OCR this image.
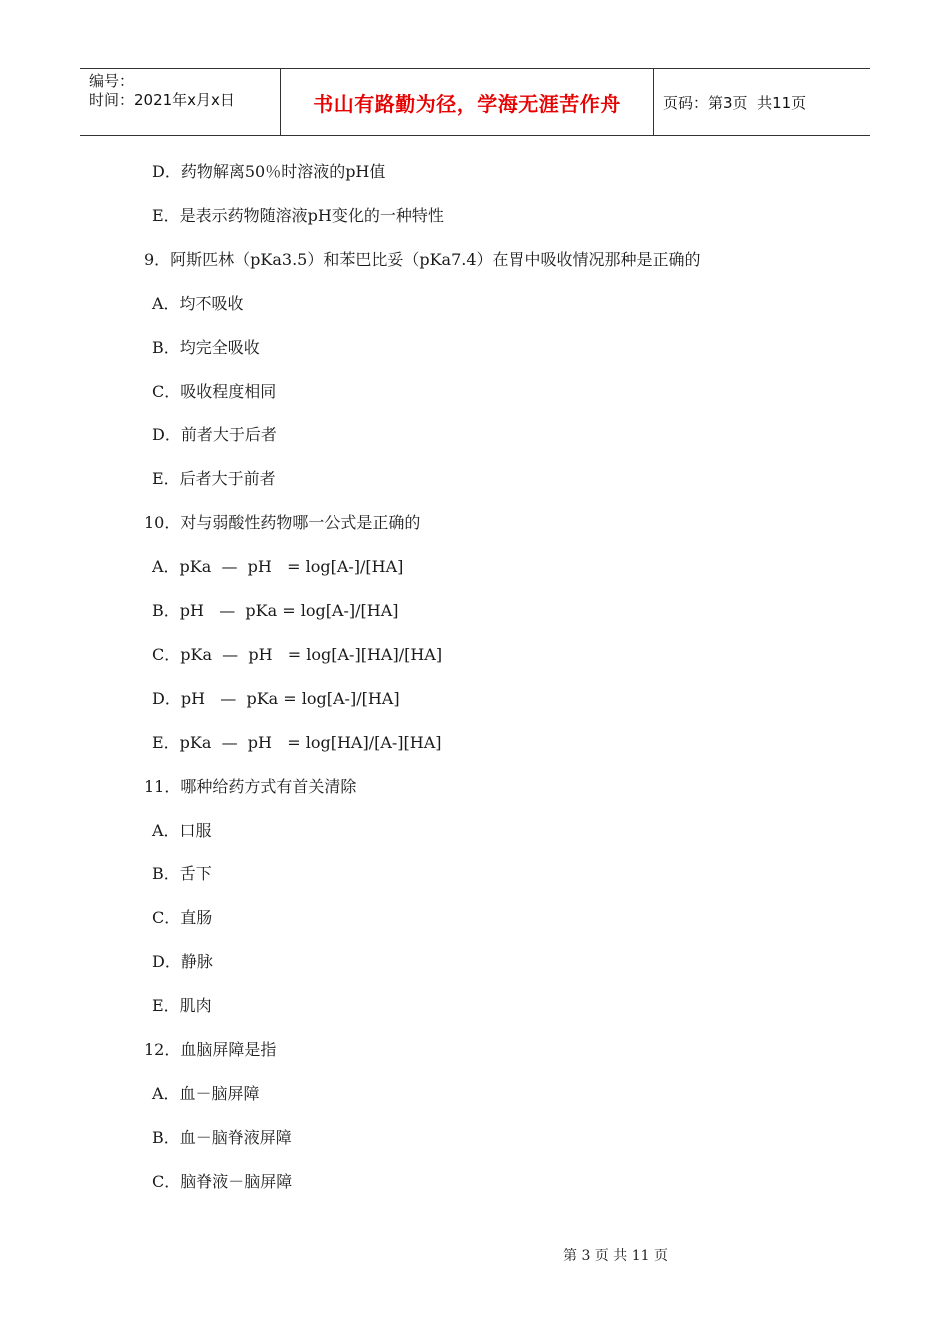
编号：
时间：2021年x月x日	书山有路勤为径，学海无涯苦作舟	页码：第3页  共11页
D．药物解离50％时溶液的pH值
E．是表示药物随溶液pH变化的一种特性
9．阿斯匹林（pKa3.5）和苯巴比妥（pKa7.4）在胃中吸收情况那种是正确的
A．均不吸收
B．均完全吸收
C．吸收程度相同
D．前者大于后者
E．后者大于前者
10．对与弱酸性药物哪一公式是正确的
A．pKa  —  pH   = log[A-]/[HA]
B．pH   —  pKa = log[A-]/[HA]
C．pKa  —  pH   = log[A-][HA]/[HA]
D．pH   —  pKa = log[A-]/[HA]
E．pKa  —  pH   = log[HA]/[A-][HA]
11．哪种给药方式有首关清除
A．口服
B．舌下
C．直肠
D．静脉
E．肌肉
12．血脑屏障是指
A．血－脑屏障
B．血－脑脊液屏障
C．脑脊液－脑屏障
第 3 页 共 11 页
